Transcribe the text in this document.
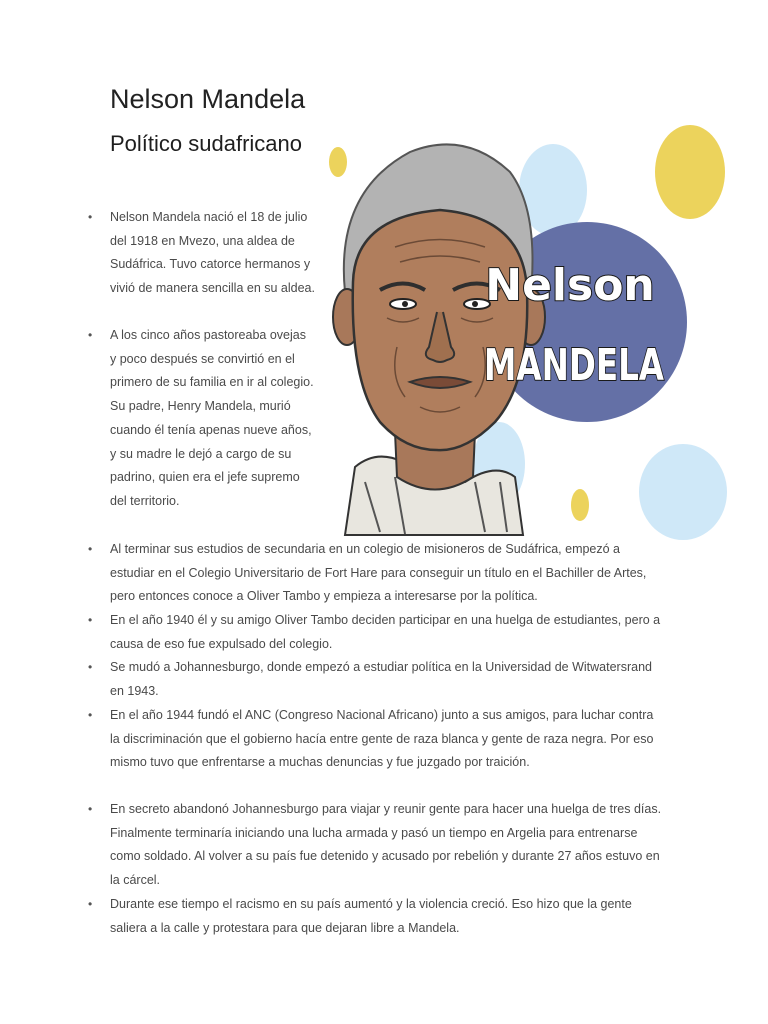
Nelson Mandela
Político sudafricano
Nelson
MANDELA
• Nelson Mandela nació el 18 de julio del 1918 en Mvezo, una aldea de Sudáfrica. Tuvo catorce hermanos y vivió de manera sencilla en su aldea.
• A los cinco años pastoreaba ovejas y poco después se convirtió en el primero de su familia en ir al colegio. Su padre, Henry Mandela, murió cuando él tenía apenas nueve años, y su madre le dejó a cargo de su padrino, quien era el jefe supremo del territorio.
• Al terminar sus estudios de secundaria en un colegio de misioneros de Sudáfrica, empezó a estudiar en el Colegio Universitario de Fort Hare para conseguir un título en el Bachiller de Artes, pero entonces conoce a Oliver Tambo y empieza a interesarse por la política.
• En el año 1940 él y su amigo Oliver Tambo deciden participar en una huelga de estudiantes, pero a causa de eso fue expulsado del colegio.
• Se mudó a Johannesburgo, donde empezó a estudiar política en la Universidad de Witwatersrand en 1943.
• En el año 1944 fundó el ANC (Congreso Nacional Africano) junto a sus amigos, para luchar contra la discriminación que el gobierno hacía entre gente de raza blanca y gente de raza negra. Por eso mismo tuvo que enfrentarse a muchas denuncias y fue juzgado por traición.
• En secreto abandonó Johannesburgo para viajar y reunir gente para hacer una huelga de tres días. Finalmente terminaría iniciando una lucha armada y pasó un tiempo en Argelia para entrenarse como soldado. Al volver a su país fue detenido y acusado por rebelión y durante 27 años estuvo en la cárcel.
• Durante ese tiempo el racismo en su país aumentó y la violencia creció. Eso hizo que la gente saliera a la calle y protestara para que dejaran libre a Mandela.
